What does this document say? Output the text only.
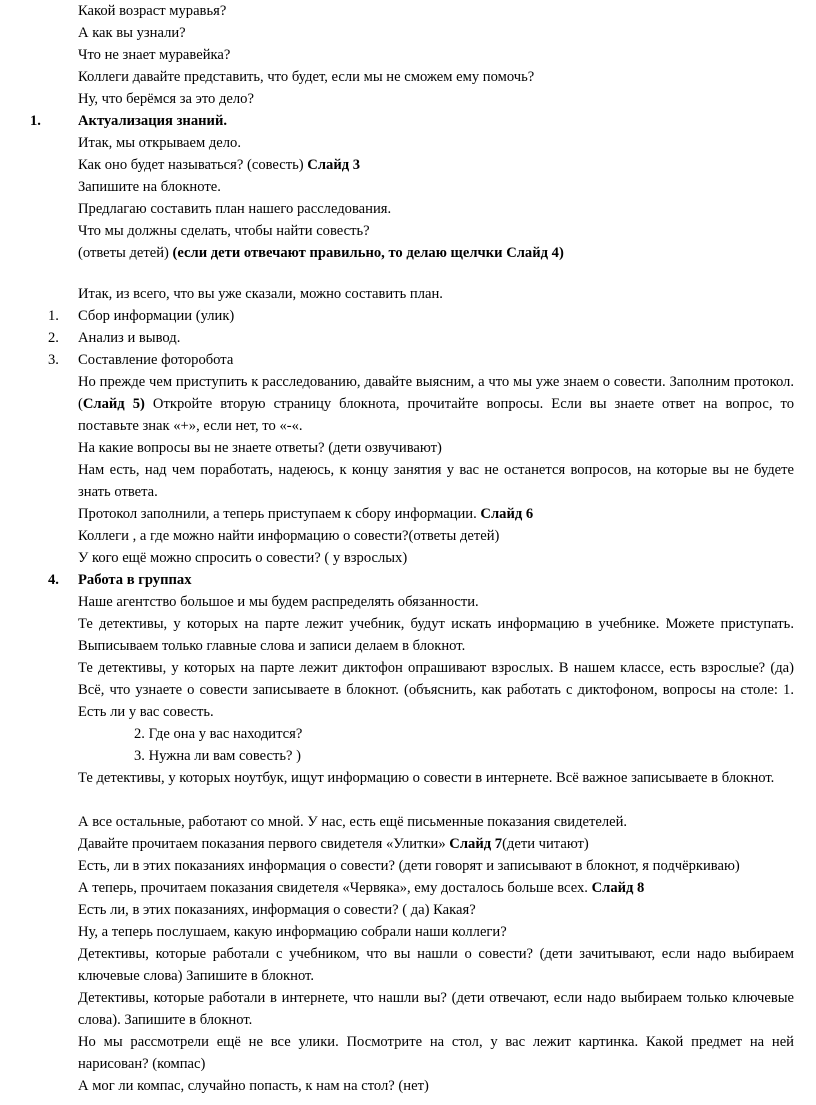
Какой возраст муравья?
А как вы узнали?
Что не знает муравейка?
Коллеги давайте представить, что будет, если мы не сможем ему помочь?
Ну, что берёмся за это дело?
1.	Актуализация знаний.
Итак, мы открываем дело.
Как оно будет называться? (совесть) Слайд 3
Запишите на блокноте.
Предлагаю составить план нашего расследования.
Что мы должны сделать, чтобы найти совесть?
(ответы детей) (если дети отвечают правильно, то делаю щелчки Слайд 4)
Итак, из всего, что вы уже сказали, можно составить план.
1. Сбор информации (улик)
2. Анализ и вывод.
3. Составление фоторобота
Но прежде чем приступить к расследованию, давайте выясним, а что мы уже знаем о совести. Заполним протокол. (Слайд 5) Откройте вторую страницу блокнота, прочитайте вопросы. Если вы знаете ответ на вопрос, то поставьте знак «+», если нет, то «-«.
На какие вопросы вы не знаете ответы? (дети озвучивают)
Нам есть, над чем поработать, надеюсь, к концу занятия у вас не останется вопросов, на которые вы не будете знать ответа.
Протокол заполнили, а теперь приступаем к сбору информации. Слайд 6
Коллеги , а где можно найти информацию о совести?(ответы детей)
У кого ещё можно спросить о совести? ( у взрослых)
4. Работа в группах
Наше агентство большое и мы будем распределять обязанности.
Те детективы, у которых на парте лежит учебник, будут искать информацию в учебнике. Можете приступать. Выписываем только главные слова и записи делаем в блокнот.
Те детективы, у которых на парте лежит диктофон опрашивают взрослых. В нашем классе, есть взрослые? (да) Всё, что узнаете о совести записываете в блокнот. (объяснить, как работать с диктофоном, вопросы на столе: 1. Есть ли у вас совесть.
2. Где она у вас находится?
3. Нужна ли вам совесть? )
Те детективы, у которых ноутбук, ищут информацию о совести в интернете. Всё важное записываете в блокнот.
А все остальные, работают со мной. У нас, есть ещё письменные показания свидетелей.
Давайте прочитаем показания первого свидетеля «Улитки» Слайд 7(дети читают)
Есть, ли в этих показаниях информация о совести? (дети говорят и записывают в блокнот, я подчёркиваю)
А теперь, прочитаем показания свидетеля «Червяка», ему досталось больше всех. Слайд 8
Есть ли, в этих показаниях, информация о совести? ( да) Какая?
Ну, а теперь послушаем, какую информацию собрали наши коллеги?
Детективы, которые работали с учебником, что вы нашли о совести? (дети зачитывают, если надо выбираем ключевые слова) Запишите в блокнот.
Детективы, которые работали в интернете, что нашли вы? (дети отвечают, если надо выбираем только ключевые слова). Запишите в блокнот.
Но мы рассмотрели ещё не все улики. Посмотрите на стол, у вас лежит картинка. Какой предмет на ней нарисован? (компас)
А мог ли компас, случайно попасть, к нам на стол? (нет)
